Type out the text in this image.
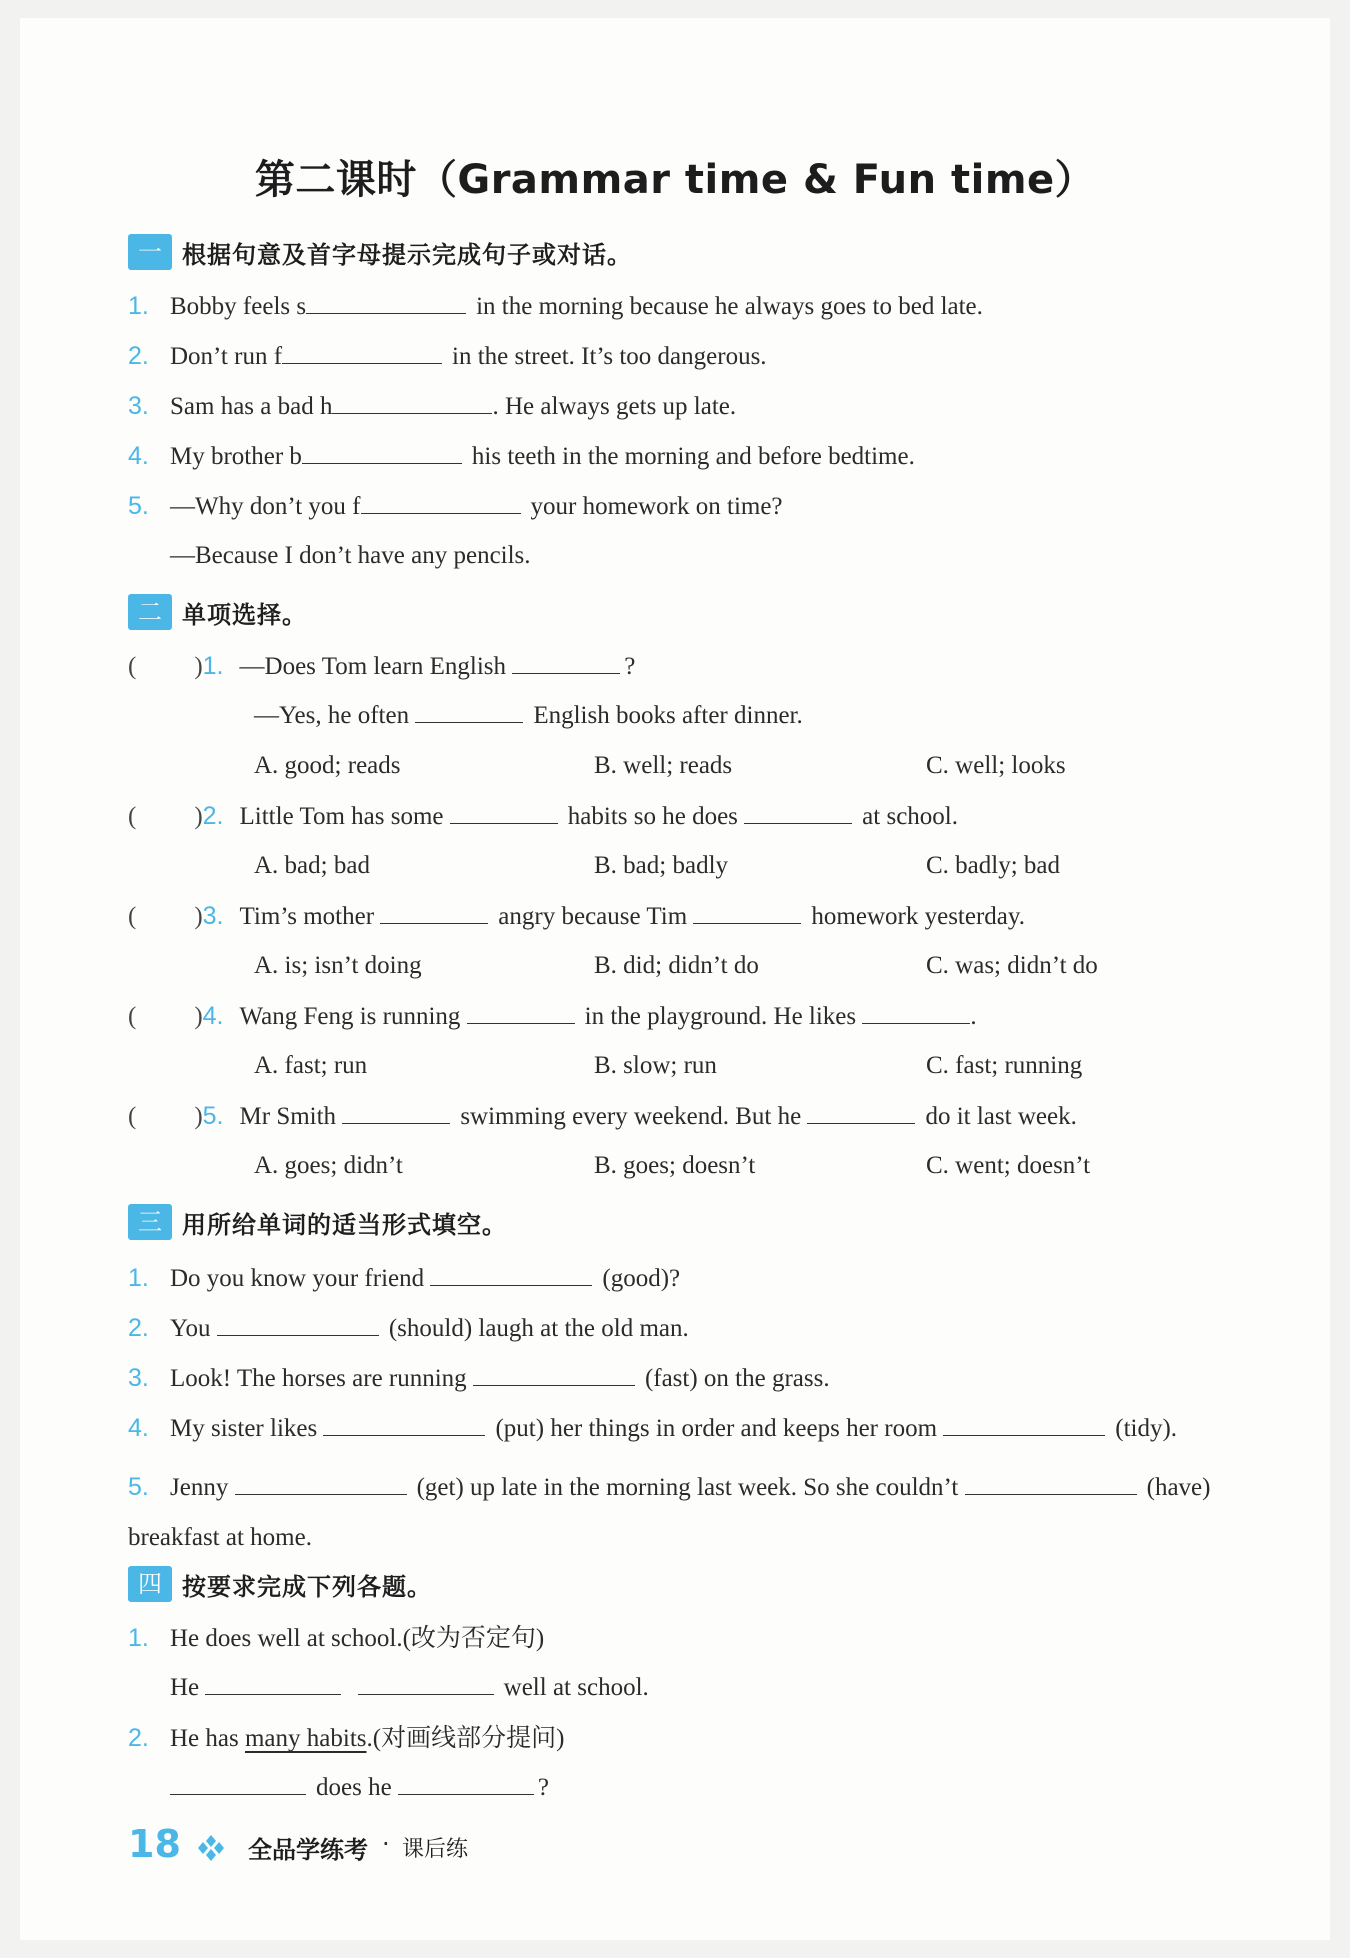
第二课时（Grammar time & Fun time）
一 根据句意及首字母提示完成句子或对话。
1. Bobby feels s	in the morning because he always goes to bed late.
2. Don’t run f	in the street. It’s too dangerous.
3. Sam has a bad h	. He always gets up late.
4. My brother b	his teeth in the morning and before bedtime.
5. —Why don’t you f	your homework on time?
—Because I don’t have any pencils.
二 单项选择。
( )1. —Does Tom learn English	?
—Yes, he often	English books after dinner.
A. good; reads	B. well; reads	C. well; looks
( )2. Little Tom has some	habits so he does	at school.
A. bad; bad	B. bad; badly	C. badly; bad
( )3. Tim’s mother	angry because Tim	homework yesterday.
A. is; isn’t doing	B. did; didn’t do	C. was; didn’t do
( )4. Wang Feng is running	in the playground. He likes	.
A. fast; run	B. slow; run	C. fast; running
( )5. Mr Smith	swimming every weekend. But he	do it last week.
A. goes; didn’t	B. goes; doesn’t	C. went; doesn’t
三 用所给单词的适当形式填空。
1. Do you know your friend	(good)?
2. You	(should) laugh at the old man.
3. Look! The horses are running	(fast) on the grass.
4. My sister likes	(put) her things in order and keeps her room	(tidy).
5. Jenny	(get) up late in the morning last week. So she couldn’t	(have) breakfast at home.
四 按要求完成下列各题。
1. He does well at school.(改为否定句)
He	well at school.
2. He has many habits.(对画线部分提问)
does he	?
18	全品学练考 · 课后练
